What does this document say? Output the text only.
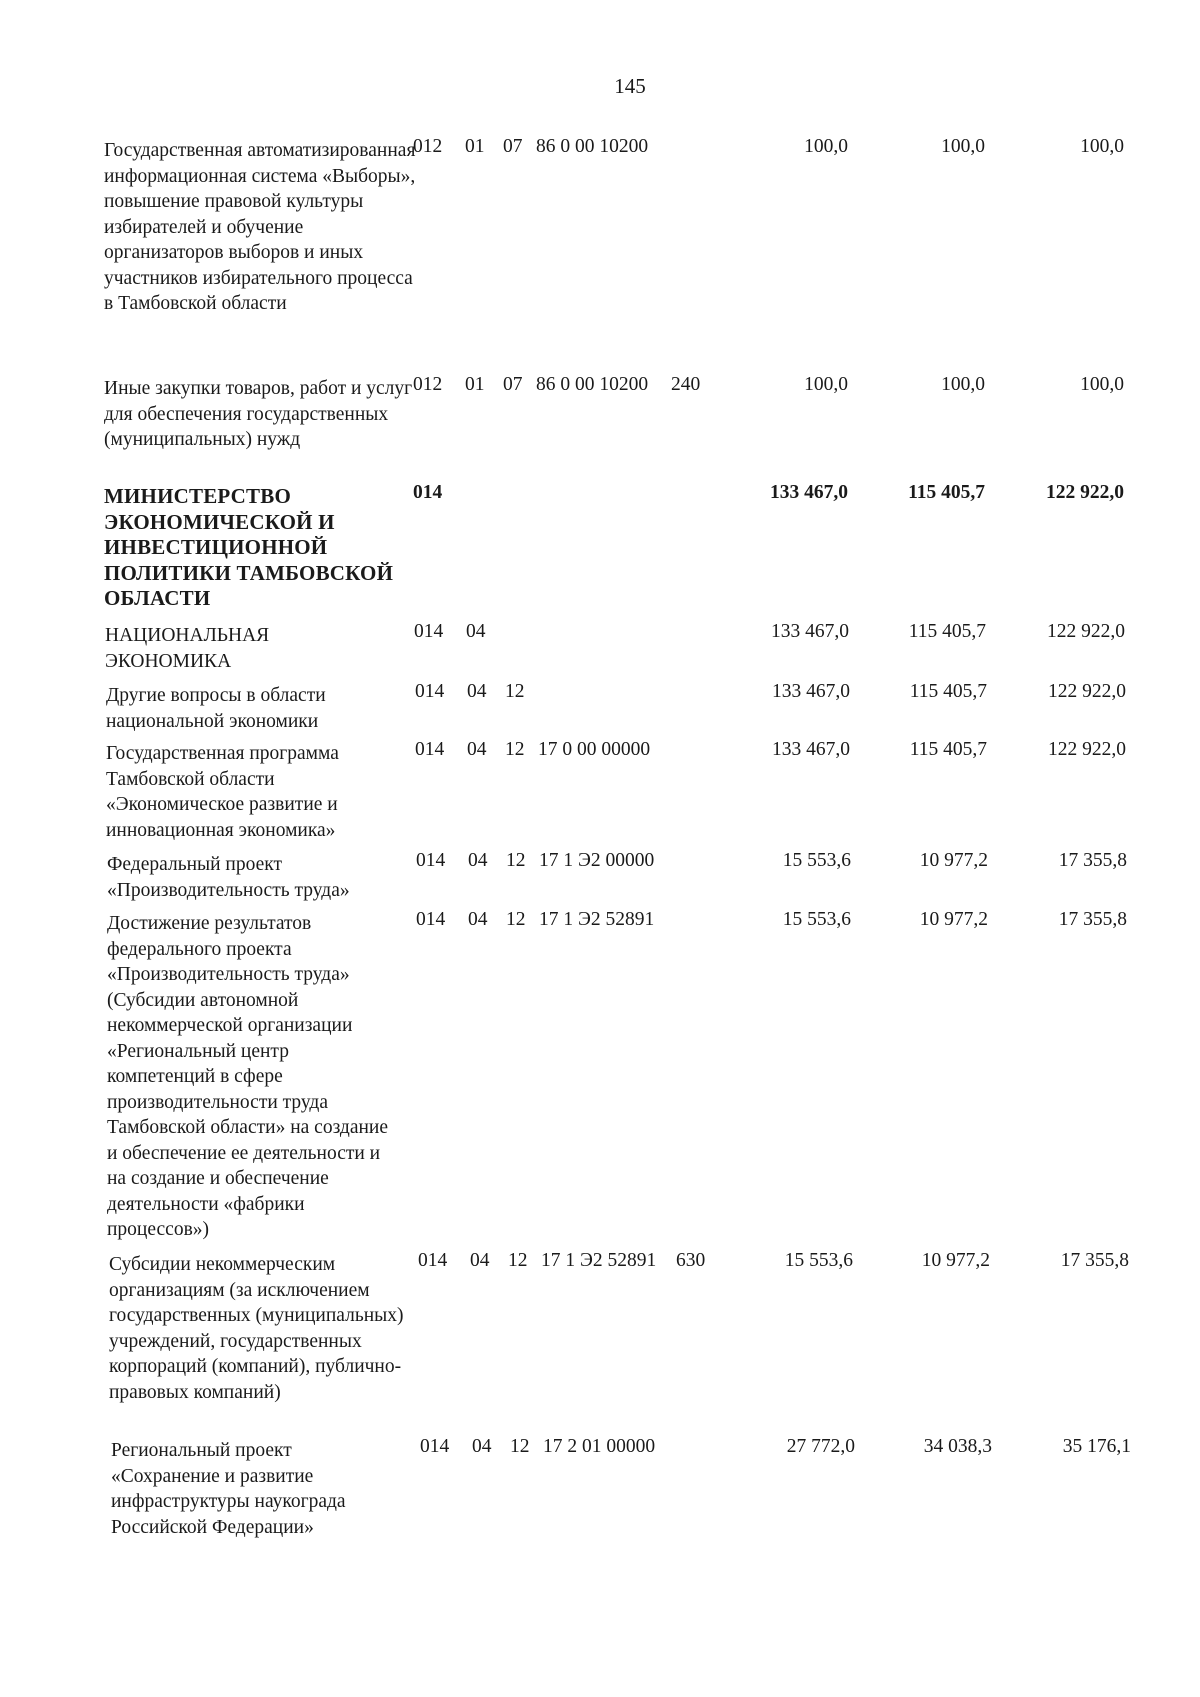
145
Государственная автоматизированная информационная система «Выборы», повышение правовой культуры избирателей и обучение организаторов выборов и иных участников избирательного процесса в Тамбовской области
012 01 07 86 0 00 10200	100,0	100,0	100,0
Иные закупки товаров, работ и услуг для обеспечения государственных (муниципальных) нужд
012 01 07 86 0 00 10200 240	100,0	100,0	100,0
МИНИСТЕРСТВО ЭКОНОМИЧЕСКОЙ И ИНВЕСТИЦИОННОЙ ПОЛИТИКИ ТАМБОВСКОЙ ОБЛАСТИ
014	133 467,0	115 405,7	122 922,0
НАЦИОНАЛЬНАЯ ЭКОНОМИКА
014 04	133 467,0	115 405,7	122 922,0
Другие вопросы в области национальной экономики
014 04 12	133 467,0	115 405,7	122 922,0
Государственная программа Тамбовской области «Экономическое развитие и инновационная экономика»
014 04 12 17 0 00 00000	133 467,0	115 405,7	122 922,0
Федеральный проект «Производительность труда»
014 04 12 17 1 Э2 00000	15 553,6	10 977,2	17 355,8
Достижение результатов федерального проекта «Производительность труда» (Субсидии автономной некоммерческой организации «Региональный центр компетенций в сфере производительности труда Тамбовской области» на создание и обеспечение ее деятельности и на создание и обеспечение деятельности «фабрики процессов»)
014 04 12 17 1 Э2 52891	15 553,6	10 977,2	17 355,8
Субсидии некоммерческим организациям (за исключением государственных (муниципальных) учреждений, государственных корпораций (компаний), публично-правовых компаний)
014 04 12 17 1 Э2 52891 630	15 553,6	10 977,2	17 355,8
Региональный проект «Сохранение и развитие инфраструктуры наукограда Российской Федерации»
014 04 12 17 2 01 00000	27 772,0	34 038,3	35 176,1
